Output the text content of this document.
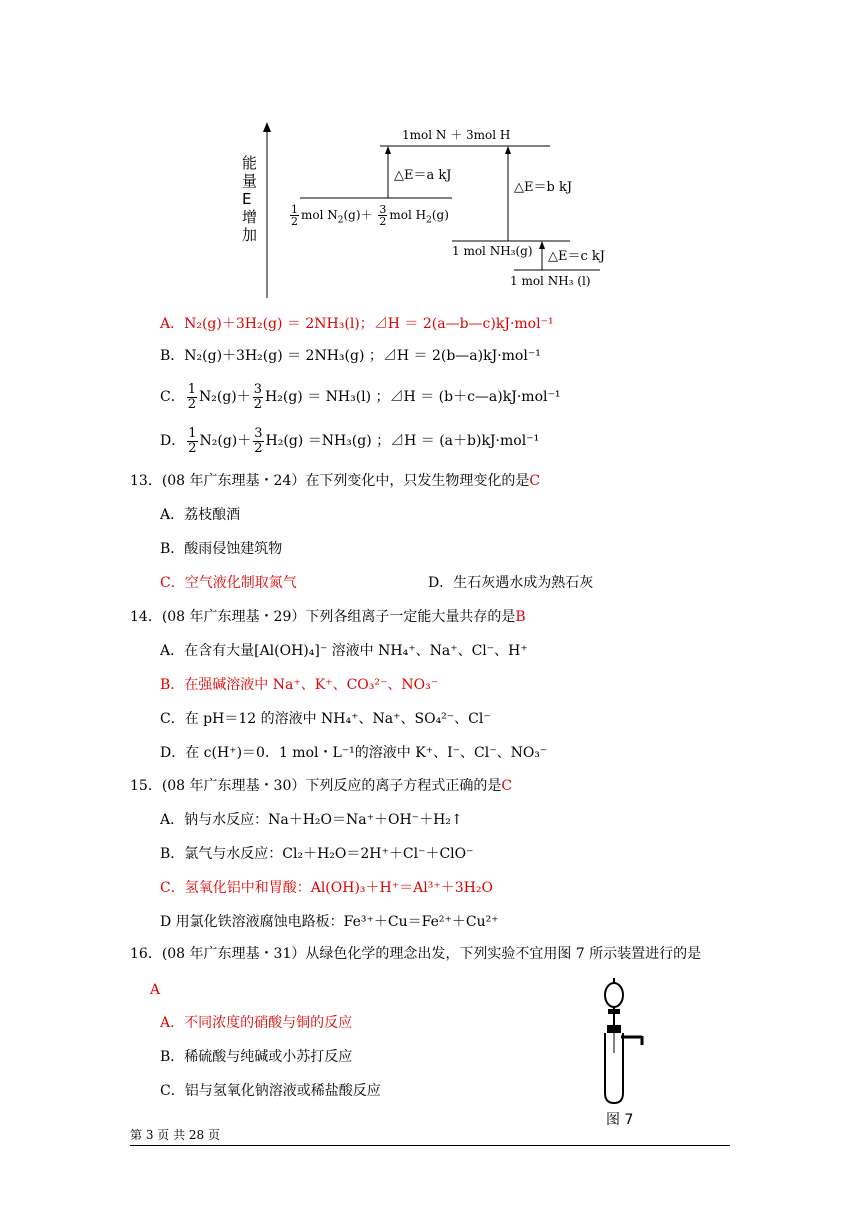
能量E增加
1mol N ＋ 3mol H
△E＝a kJ
△E＝b kJ
△E＝c kJ
$\frac{1}{2}$ mol $N_2(g)+ \frac{3}{2}$ mol $H_2(g)$
1 mol NH₃(g)
1 mol NH₃ (l)
A．N₂(g)＋3H₂(g) ＝ 2NH₃(l)；⊿H ＝ 2(a—b—c)kJ·mol⁻¹
B．N₂(g)＋3H₂(g) ＝ 2NH₃(g) ；⊿H ＝ 2(b—a)kJ·mol⁻¹
C． $\frac{1}{2} N_2(g)+ \frac{3}{2} H_2(g) = NH_3(l)$ ；⊿H ＝ (b＋c—a)kJ·mol⁻¹
D． $\frac{1}{2} N_2(g)+ \frac{3}{2} H_2(g) =NH_3(g)$ ；⊿H ＝ (a＋b)kJ·mol⁻¹
13．(08 年广东理基・24）在下列变化中，只发生物理变化的是C
A．荔枝酿酒
B．酸雨侵蚀建筑物
C．空气液化制取氮气	D．生石灰遇水成为熟石灰
14．(08 年广东理基・29）下列各组离子一定能大量共存的是B
A．在含有大量[Al(OH)₄]⁻ 溶液中 NH₄⁺、Na⁺、Cl⁻、H⁺
B．在强碱溶液中 Na⁺、K⁺、CO₃²⁻、NO₃⁻
C．在 pH＝12 的溶液中 NH₄⁺、Na⁺、SO₄²⁻、Cl⁻
D．在 c(H⁺)＝0．1 mol・L⁻¹的溶液中 K⁺、I⁻、Cl⁻、NO₃⁻
15．(08 年广东理基・30）下列反应的离子方程式正确的是C
A．钠与水反应：Na＋H₂O＝Na⁺＋OH⁻＋H₂↑
B．氯气与水反应：Cl₂＋H₂O＝2H⁺＋Cl⁻＋ClO⁻
C．氢氧化铝中和胃酸：Al(OH)₃＋H⁺＝Al³⁺＋3H₂O
D 用氯化铁溶液腐蚀电路板：Fe³⁺＋Cu＝Fe²⁺＋Cu²⁺
16．(08 年广东理基・31）从绿色化学的理念出发，下列实验不宜用图 7 所示装置进行的是
A
A．不同浓度的硝酸与铜的反应
B．稀硫酸与纯碱或小苏打反应
C．铝与氢氧化钠溶液或稀盐酸反应
图 7
第 3 页 共 28 页
